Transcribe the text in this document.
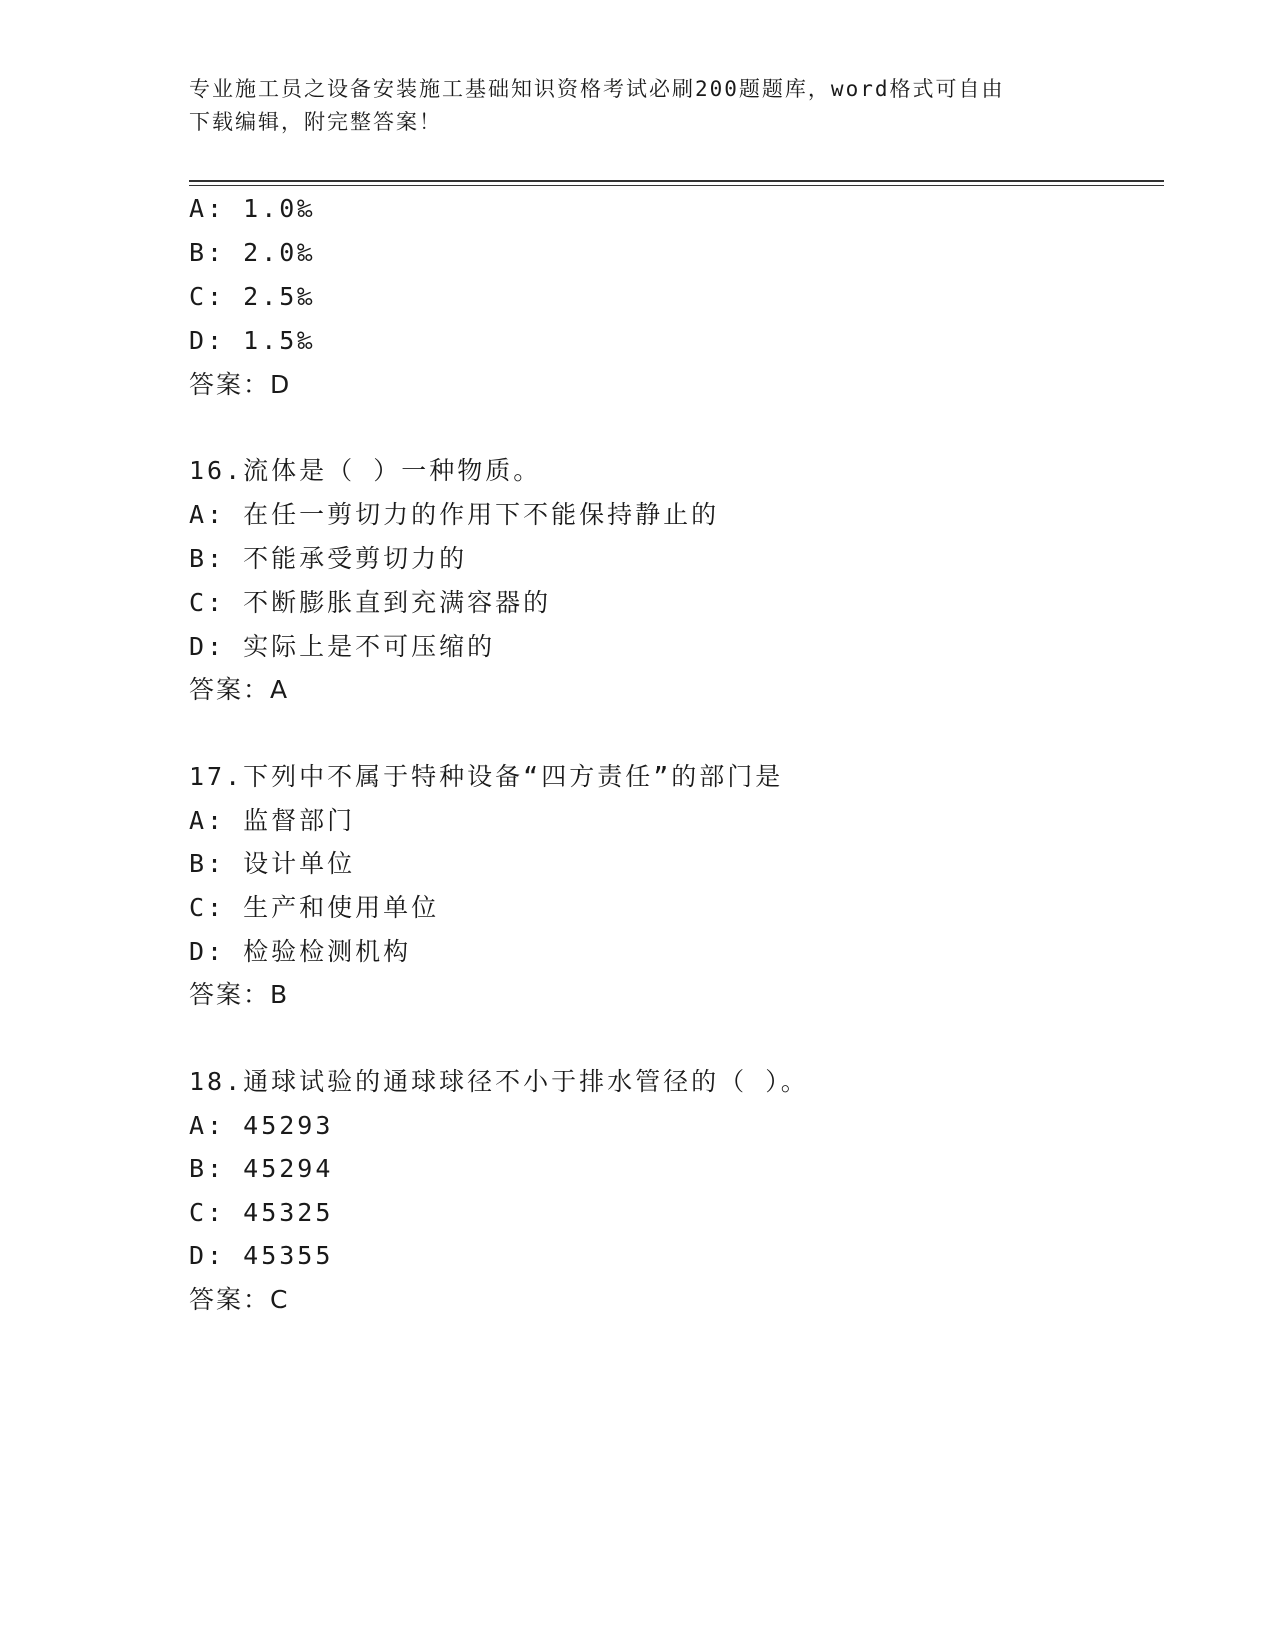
专业施工员之设备安装施工基础知识资格考试必刷200题题库，word格式可自由
下载编辑，附完整答案！
A: 1.0‰
B: 2.0‰
C: 2.5‰
D: 1.5‰
答案：D
16.流体是（ ）一种物质。
A: 在任一剪切力的作用下不能保持静止的
B: 不能承受剪切力的
C: 不断膨胀直到充满容器的
D: 实际上是不可压缩的
答案：A
17.下列中不属于特种设备“四方责任”的部门是
A: 监督部门
B: 设计单位
C: 生产和使用单位
D: 检验检测机构
答案：B
18.通球试验的通球球径不小于排水管径的（ ）。
A: 45293
B: 45294
C: 45325
D: 45355
答案：C
